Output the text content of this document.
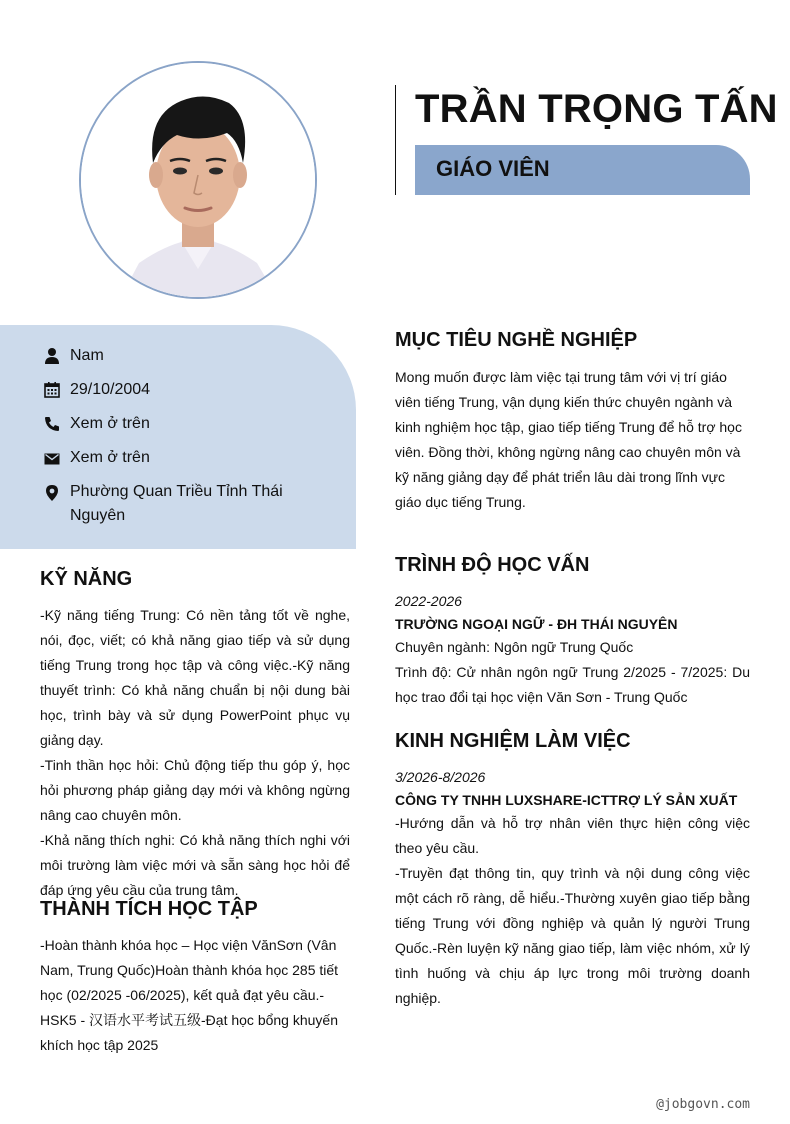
TRẦN TRỌNG TẤN
GIÁO VIÊN
Nam
29/10/2004
Xem ở trên
Xem ở trên
Phường Quan Triều Tỉnh Thái Nguyên
KỸ NĂNG
-Kỹ năng tiếng Trung: Có nền tảng tốt về nghe, nói, đọc, viết; có khả năng giao tiếp và sử dụng tiếng Trung trong học tập và công việc.-Kỹ năng thuyết trình: Có khả năng chuẩn bị nội dung bài học, trình bày và sử dụng PowerPoint phục vụ giảng dạy.
-Tinh thần học hỏi: Chủ động tiếp thu góp ý, học hỏi phương pháp giảng dạy mới và không ngừng nâng cao chuyên môn.
-Khả năng thích nghi: Có khả năng thích nghi với môi trường làm việc mới và sẵn sàng học hỏi để đáp ứng yêu cầu của trung tâm.
THÀNH TÍCH HỌC TẬP
-Hoàn thành khóa học – Học viện VănSơn (Vân Nam, Trung Quốc)Hoàn thành khóa học 285 tiết học (02/2025 -06/2025), kết quả đạt yêu cầu.-HSK5 - 汉语水平考试五级-Đạt học bổng khuyến khích học tập 2025
MỤC TIÊU NGHỀ NGHIỆP
Mong muốn được làm việc tại trung tâm với vị trí giáo viên tiếng Trung, vận dụng kiến thức chuyên ngành và kinh nghiệm học tập, giao tiếp tiếng Trung để hỗ trợ học viên. Đồng thời, không ngừng nâng cao chuyên môn và kỹ năng giảng dạy để phát triển lâu dài trong lĩnh vực giáo dục tiếng Trung.
TRÌNH ĐỘ HỌC VẤN
2022-2026
TRƯỜNG NGOẠI NGỮ - ĐH THÁI NGUYÊN
Chuyên ngành: Ngôn ngữ Trung Quốc
Trình độ: Cử nhân ngôn ngữ Trung 2/2025 - 7/2025: Du học trao đổi tại học viện Văn Sơn - Trung Quốc
KINH NGHIỆM LÀM VIỆC
3/2026-8/2026
CÔNG TY TNHH LUXSHARE-ICTTRỢ LÝ SẢN XUẤT
-Hướng dẫn và hỗ trợ nhân viên thực hiện công việc theo yêu cầu.
-Truyền đạt thông tin, quy trình và nội dung công việc một cách rõ ràng, dễ hiểu.-Thường xuyên giao tiếp bằng tiếng Trung với đồng nghiệp và quản lý người Trung Quốc.-Rèn luyện kỹ năng giao tiếp, làm việc nhóm, xử lý tình huống và chịu áp lực trong môi trường doanh nghiệp.
@jobgovn.com
